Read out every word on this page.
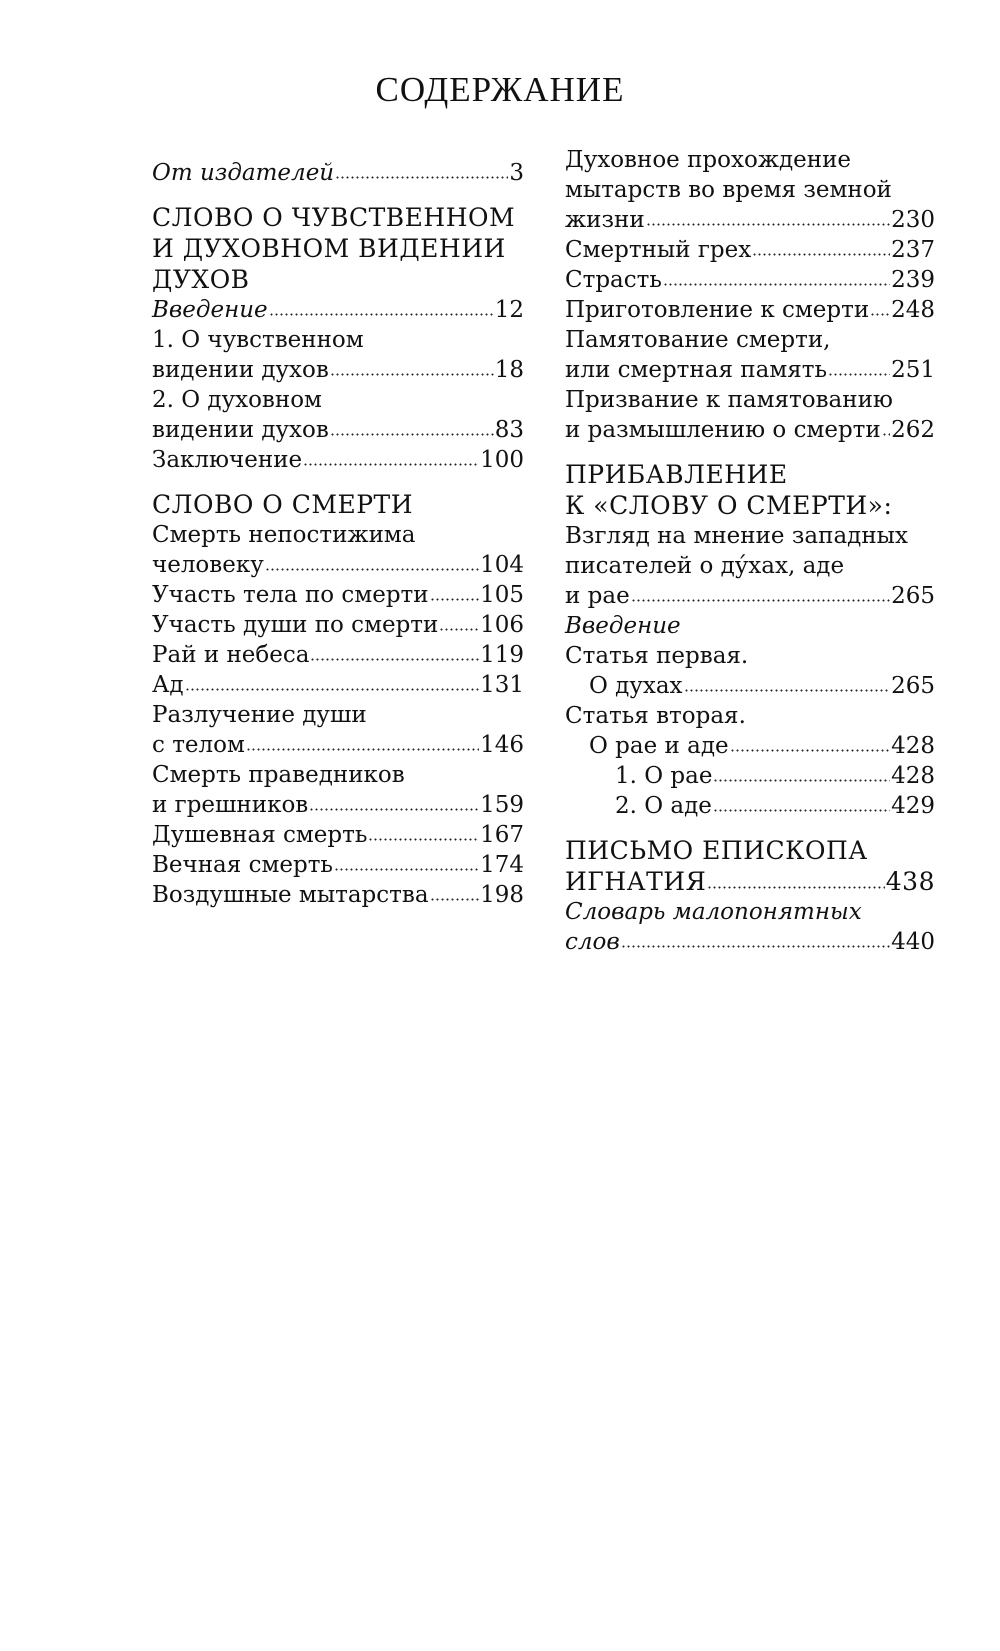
СОДЕРЖАНИЕ
От издателей	3
СЛОВО О ЧУВСТВЕННОМ
И ДУХОВНОМ ВИДЕНИИ
ДУХОВ
Введение	12
1. О чувственном
видении духов	18
2. О духовном
видении духов	83
Заключение	100
СЛОВО О СМЕРТИ
Смерть непостижима
человеку	104
Участь тела по смерти 105
Участь души по смерти 106
Рай и небеса	119
Ад	131
Разлучение души
с телом	146
Смерть праведников
и грешников	159
Душевная смерть	167
Вечная смерть	174
Воздушные мытарства 198
Духовное прохождение
мытарств во время земной
жизни	230
Смертный грех	237
Страсть	239
Приготовление к смерти 248
Памятование смерти,
или смертная память	251
Призвание к памятованию
и размышлению о смерти 262
ПРИБАВЛЕНИЕ
К «СЛОВУ О СМЕРТИ»:
Взгляд на мнение западных
писателей о ду́хах, аде
и рае	265
Введение
Статья первая.
О духах	265
Статья вторая.
О рае и аде	428
1. О рае	428
2. О аде	429
ПИСЬМО ЕПИСКОПА
ИГНАТИЯ	438
Словарь малопонятных
слов	440
